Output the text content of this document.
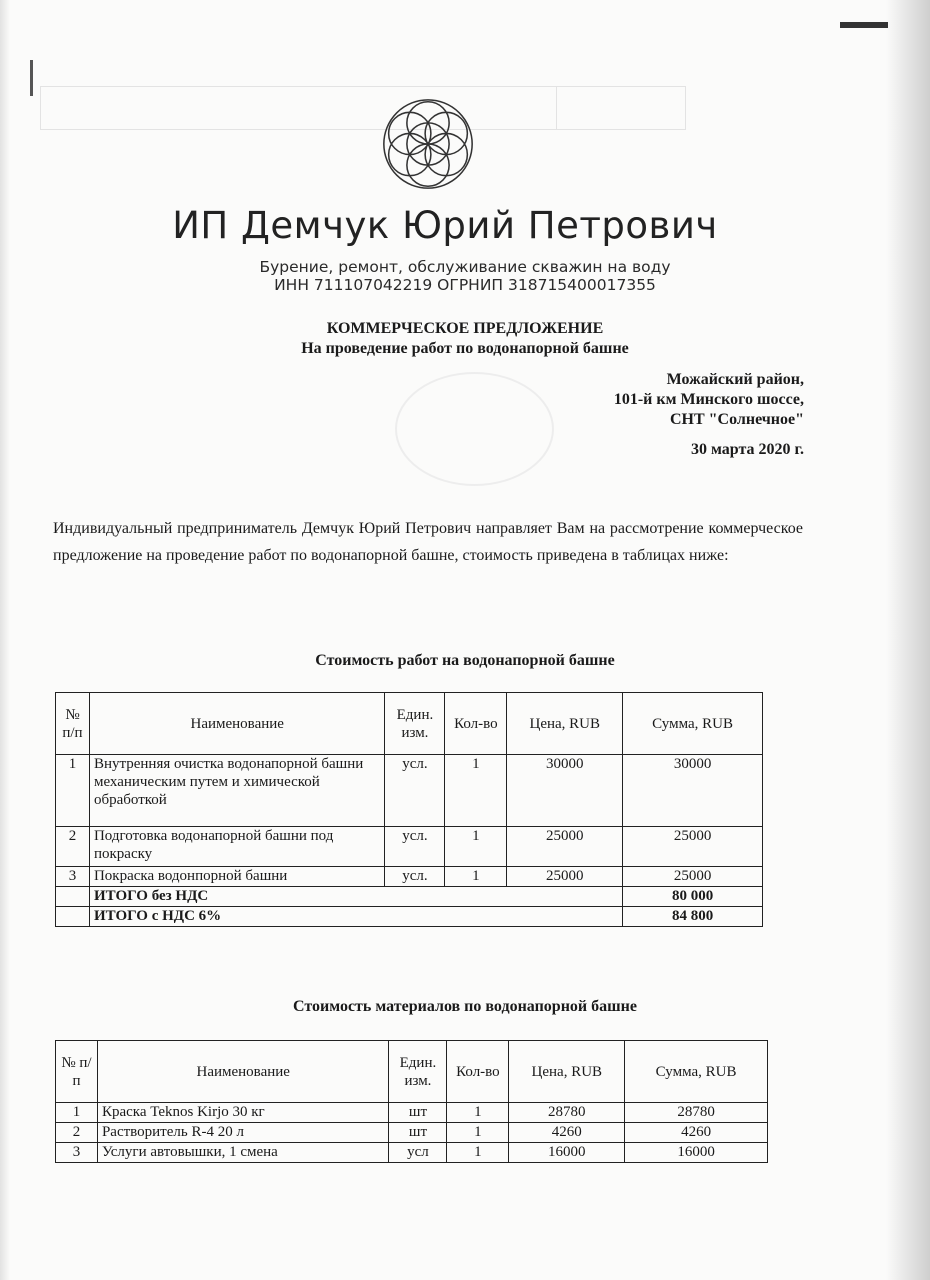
ИП Демчук Юрий Петрович
Бурение, ремонт, обслуживание скважин на воду
ИНН 711107042219 ОГРНИП 318715400017355
КОММЕРЧЕСКОЕ ПРЕДЛОЖЕНИЕ
На проведение работ по водонапорной башне
Можайский район,
101-й км Минского шоссе,
СНТ "Солнечное"
30 марта 2020 г.
Индивидуальный предприниматель Демчук Юрий Петрович направляет Вам на рассмотрение коммерческое предложение на проведение работ по водонапорной башне, стоимость приведена в таблицах ниже:
Стоимость работ на водонапорной башне
№ п/п	Наименование	Един. изм.	Кол-во	Цена, RUB	Сумма, RUB
1	Внутренняя очистка водонапорной башни механическим путем и химической обработкой	усл.	1	30000	30000
2	Подготовка водонапорной башни под покраску	усл.	1	25000	25000
3	Покраска водонпорной башни	усл.	1	25000	25000
	ИТОГО без НДС				80 000
	ИТОГО с НДС 6%				84 800
Стоимость материалов по водонапорной башне
№ п/ п	Наименование	Един. изм.	Кол-во	Цена, RUB	Сумма, RUB
1	Краска Teknos Kirjo 30 кг	шт	1	28780	28780
2	Растворитель R-4 20 л	шт	1	4260	4260
3	Услуги автовышки, 1 смена	усл	1	16000	16000
